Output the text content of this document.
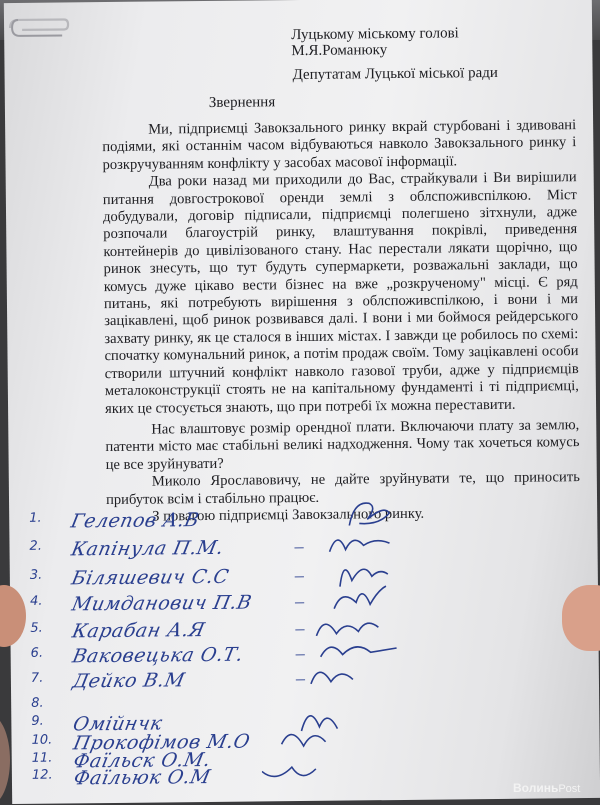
Луцькому міському голові
М.Я.Романюку
Депутатам Луцької міської ради
Звернення

Ми, підприємці Завокзального ринку вкрай стурбовані і здивовані подіями, які останнім часом відбуваються навколо Завокзального ринку і розкручуванням конфлікту у засобах масової інформації.

Два роки назад ми приходили до Вас, страйкували і Ви вирішили питання довгострокової оренди землі з облспоживспілкою. Міст добудували, договір підписали, підприємці полегшено зітхнули, адже розпочали благоустрій ринку, влаштування покрівлі, приведення контейнерів до цивілізованого стану. Нас перестали лякати щорічно, що ринок знесуть, що тут будуть супермаркети, розважальні заклади, що комусь дуже цікаво вести бізнес на вже „розкрученому" місці. Є ряд питань, які потребують вирішення з облспоживспілкою, і вони і ми зацікавлені, щоб ринок розвивався далі. І вони і ми боймося рейдерського захвату ринку, як це сталося в інших містах. І завжди це робилось по схемі: спочатку комунальний ринок, а потім продаж своїм. Тому зацікавлені особи створили штучний конфлікт навколо газової труби, адже у підприємців металоконструкції стоять не на капітальному фундаменті і ті підприємці, яких це стосується знають, що при потребі їх можна переставити.

Нас влаштовує розмір орендної плати. Включаючи плату за землю, патенти місто має стабільні великі надходження. Чому так хочеться комусь це все зруйнувати?

Миколо Ярославовичу, не дайте зруйнувати те, що приносить прибуток всім і стабільно працює.

З повагою підприємці Завокзального ринку.

1. Гелепов А.В
2. Капінула П.М.	–
3. Біляшевич С.С	–
4. Мимданович П.В –
5. Карабан А.Я	–
6. Ваковецька О.Т.	–
7. Дейко В.М	–
8.
9. Омійнчк
10. Прокофімов М.О
11. Фаїльск О.М.
12. Фаїльюк О.М	ВолиньPost
